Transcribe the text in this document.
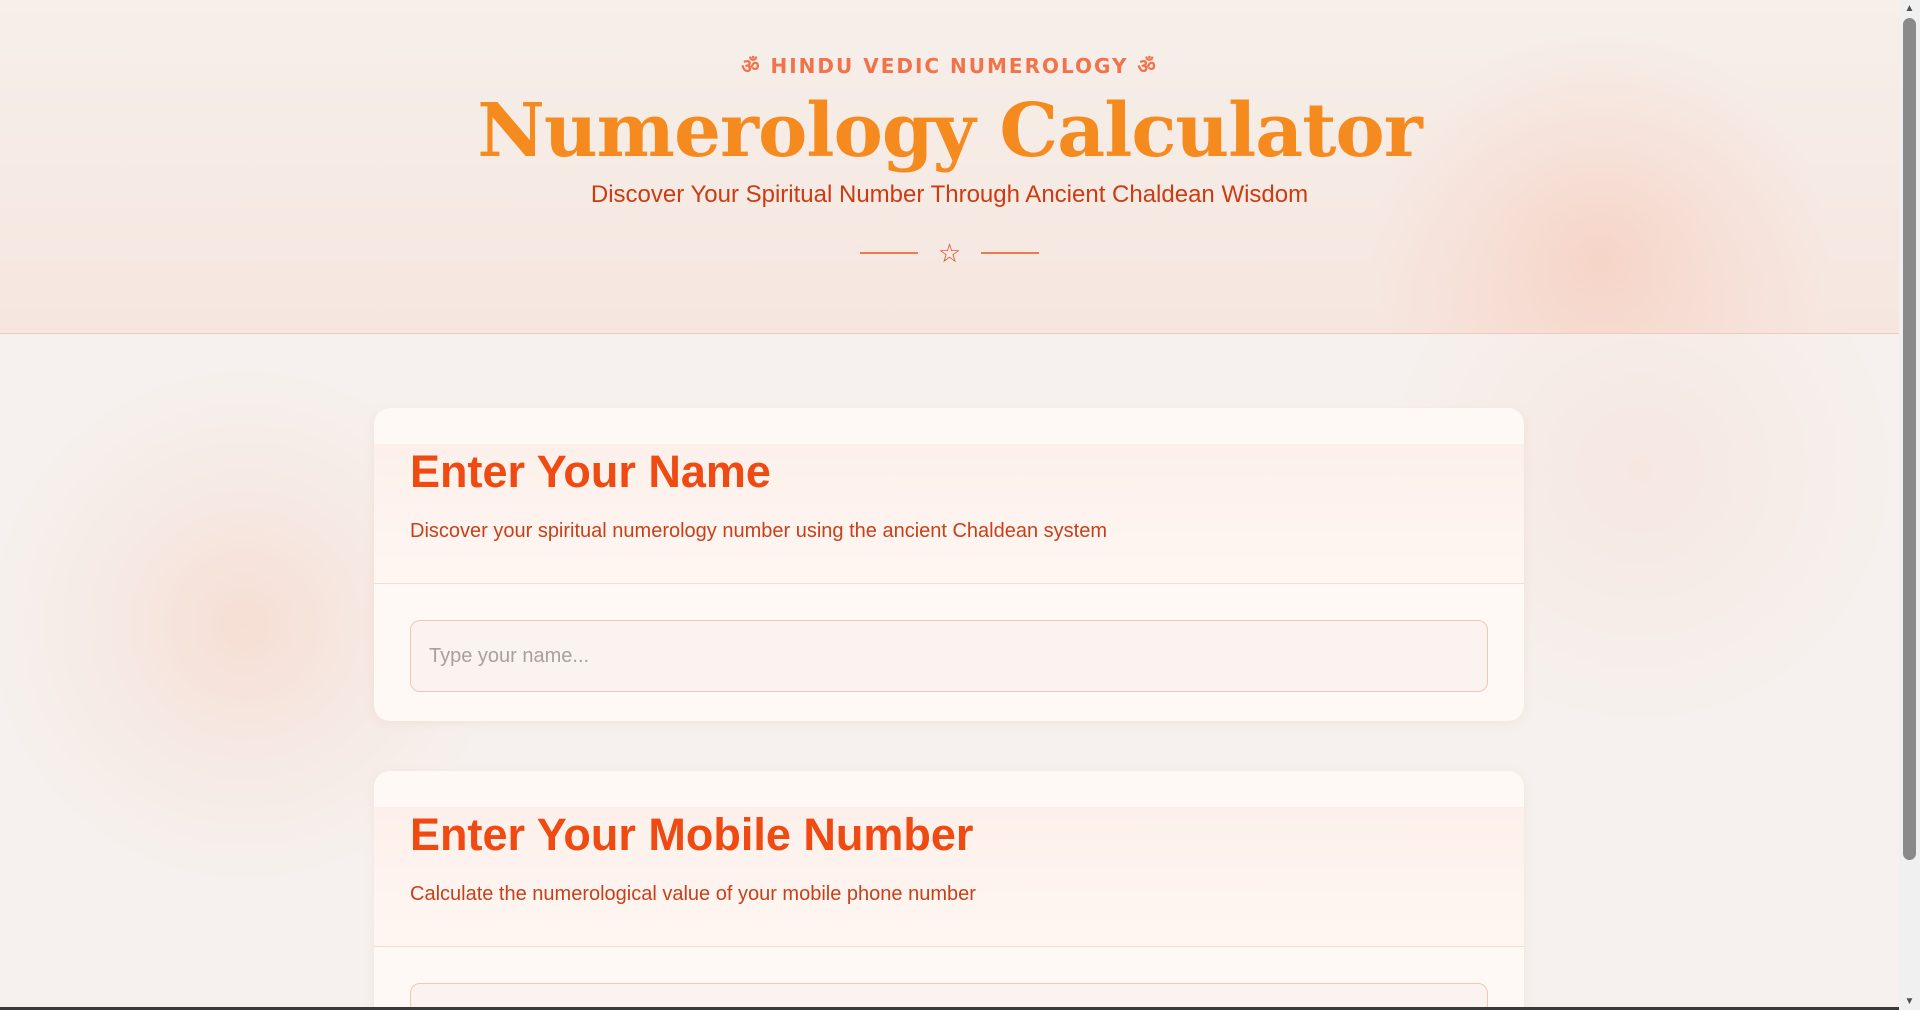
ॐ HINDU VEDIC NUMEROLOGY ॐ
Numerology Calculator
Discover Your Spiritual Number Through Ancient Chaldean Wisdom
☆
Enter Your Name
Discover your spiritual numerology number using the ancient Chaldean system
Type your name...
Enter Your Mobile Number
Calculate the numerological value of your mobile phone number
Type your mobile number...
▲
▼
